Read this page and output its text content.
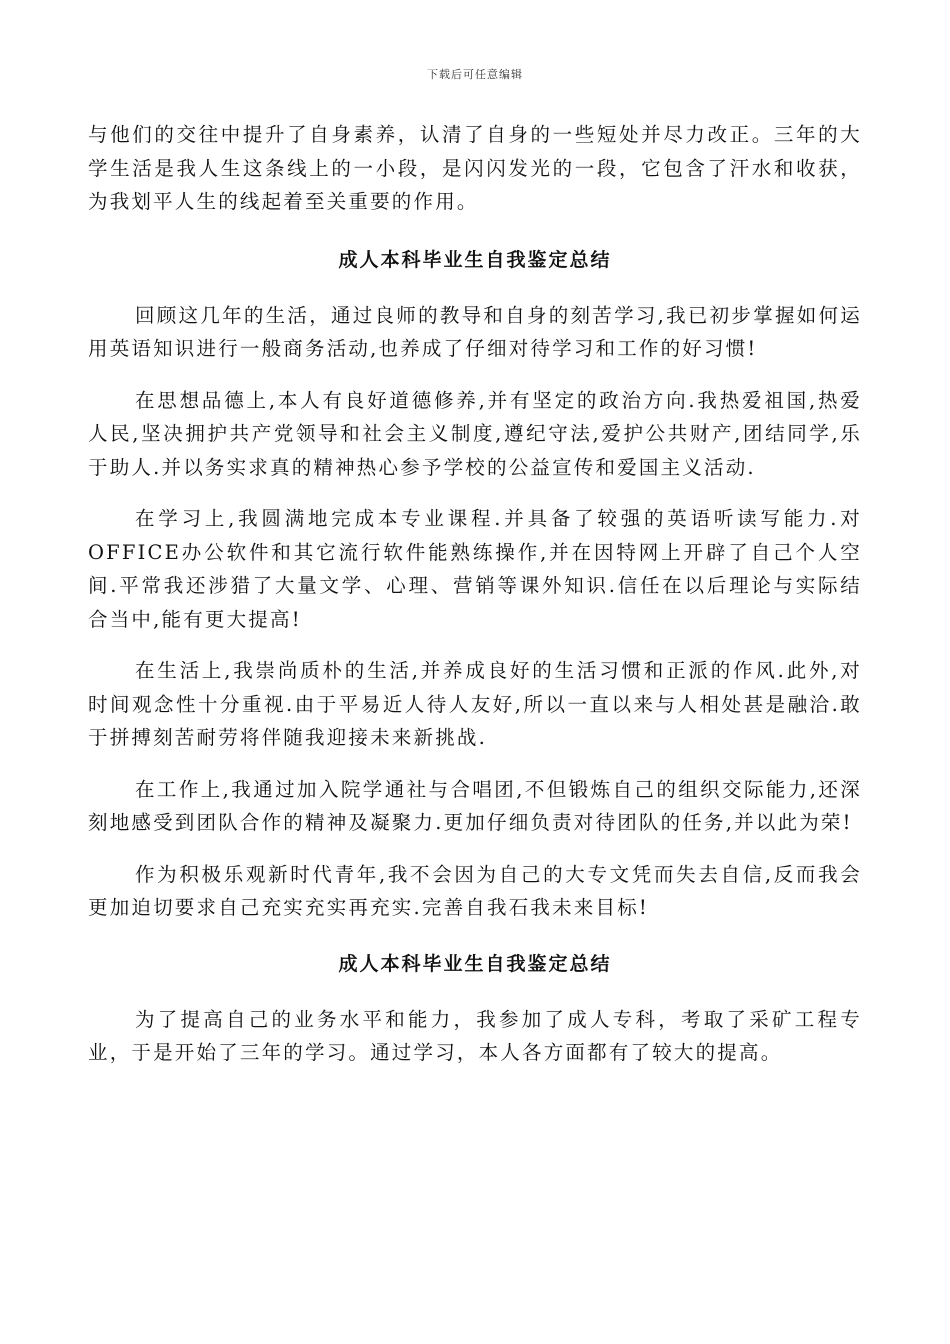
下载后可任意编辑

与他们的交往中提升了自身素养，认清了自身的一些短处并尽力改正。三年的大学生活是我人生这条线上的一小段，是闪闪发光的一段，它包含了汗水和收获，为我划平人生的线起着至关重要的作用。

成人本科毕业生自我鉴定总结

回顾这几年的生活，通过良师的教导和自身的刻苦学习,我已初步掌握如何运用英语知识进行一般商务活动,也养成了仔细对待学习和工作的好习惯!

在思想品德上,本人有良好道德修养,并有坚定的政治方向.我热爱祖国,热爱人民,坚决拥护共产党领导和社会主义制度,遵纪守法,爱护公共财产,团结同学,乐于助人.并以务实求真的精神热心参予学校的公益宣传和爱国主义活动.

在学习上,我圆满地完成本专业课程.并具备了较强的英语听读写能力.对OFFICE办公软件和其它流行软件能熟练操作,并在因特网上开辟了自己个人空间.平常我还涉猎了大量文学、心理、营销等课外知识.信任在以后理论与实际结合当中,能有更大提高!

在生活上,我崇尚质朴的生活,并养成良好的生活习惯和正派的作风.此外,对时间观念性十分重视.由于平易近人待人友好,所以一直以来与人相处甚是融洽.敢于拼搏刻苦耐劳将伴随我迎接未来新挑战.

在工作上,我通过加入院学通社与合唱团,不但锻炼自己的组织交际能力,还深刻地感受到团队合作的精神及凝聚力.更加仔细负责对待团队的任务,并以此为荣!

作为积极乐观新时代青年,我不会因为自己的大专文凭而失去自信,反而我会更加迫切要求自己充实充实再充实.完善自我石我未来目标!

成人本科毕业生自我鉴定总结

为了提高自己的业务水平和能力，我参加了成人专科，考取了采矿工程专业，于是开始了三年的学习。通过学习，本人各方面都有了较大的提高。
